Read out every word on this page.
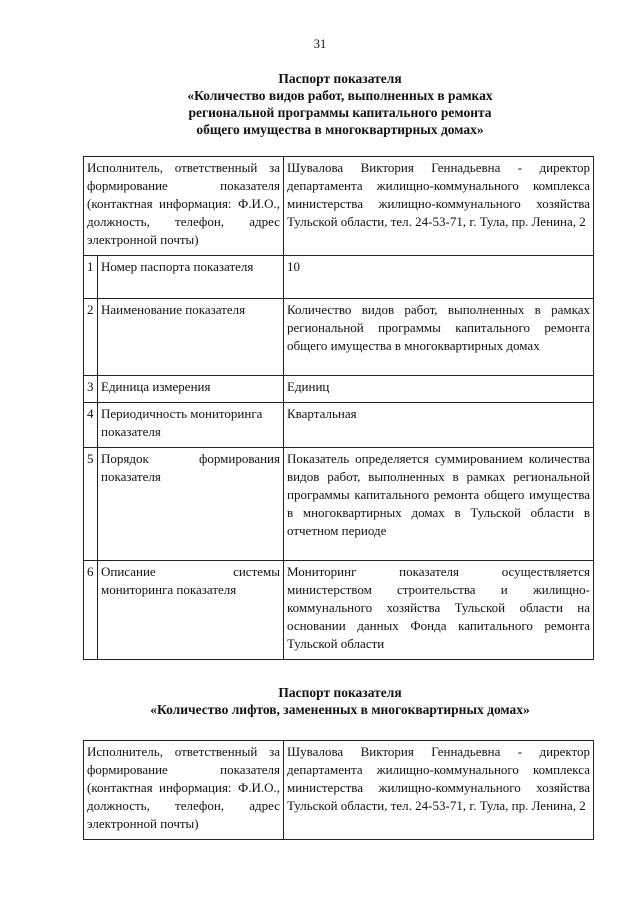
31
Паспорт показателя
«Количество видов работ, выполненных в рамках
региональной программы капитального ремонта
общего имущества в многоквартирных домах»
Исполнитель, ответственный за формирование показателя (контактная информация: Ф.И.О., должность, телефон, адрес электронной почты)		Шувалова Виктория Геннадьевна - директор департамента жилищно-коммунального комплекса министерства жилищно-коммунального хозяйства Тульской области, тел. 24-53-71, г. Тула, пр. Ленина, 2
1	Номер паспорта показателя	10
2	Наименование показателя	Количество видов работ, выполненных в рамках региональной программы капитального ремонта общего имущества в многоквартирных домах
3	Единица измерения	Единиц
4	Периодичность мониторинга показателя	Квартальная
5	Порядок формирования показателя	Показатель определяется суммированием количества видов работ, выполненных в рамках региональной программы капитального ремонта общего имущества в многоквартирных домах в Тульской области в отчетном периоде
6	Описание системы мониторинга показателя	Мониторинг показателя осуществляется министерством строительства и жилищно-коммунального хозяйства Тульской области на основании данных Фонда капитального ремонта Тульской области
Паспорт показателя
«Количество лифтов, замененных в многоквартирных домах»
Исполнитель, ответственный за формирование показателя (контактная информация: Ф.И.О., должность, телефон, адрес электронной почты)	Шувалова Виктория Геннадьевна - директор департамента жилищно-коммунального комплекса министерства жилищно-коммунального хозяйства Тульской области, тел. 24-53-71, г. Тула, пр. Ленина, 2
